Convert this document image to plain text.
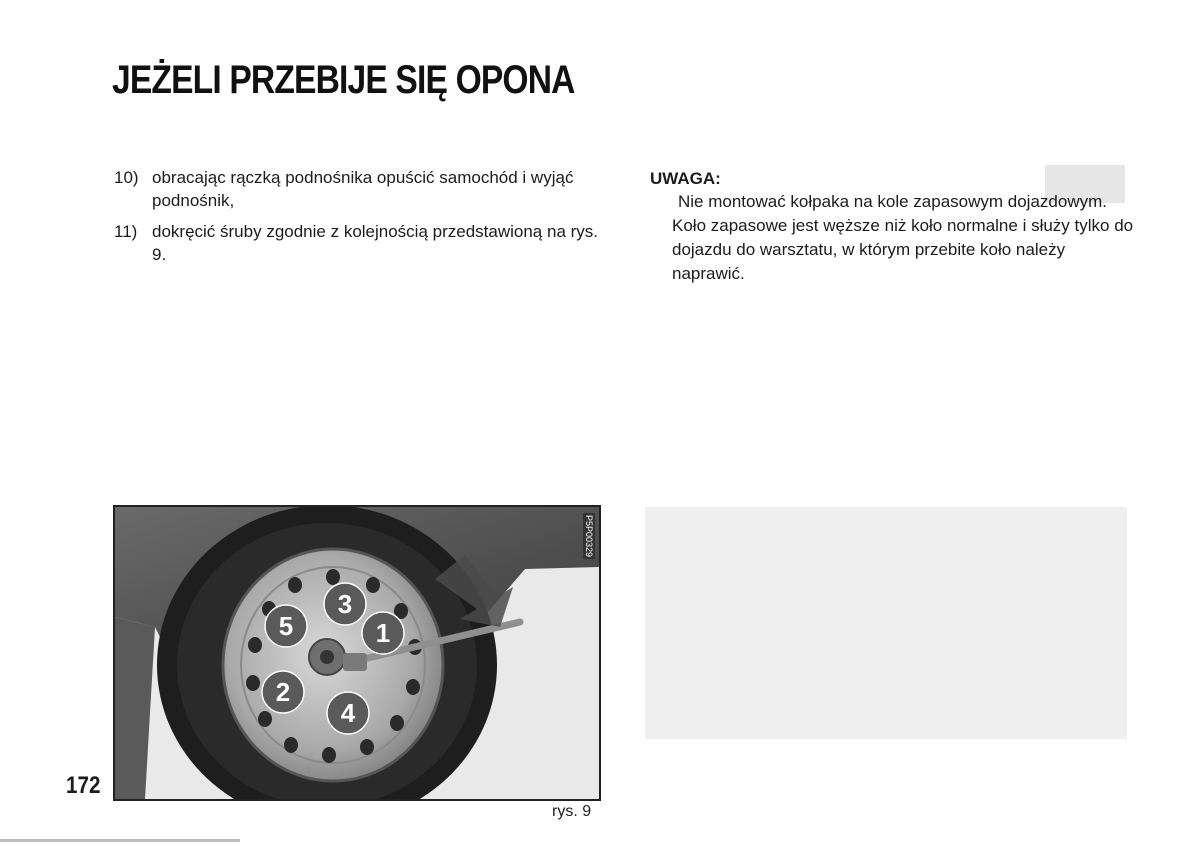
JEŻELI PRZEBIJE SIĘ OPONA
10) obracając rączką podnośnika opuścić samochód i wyjąć podnośnik,
11) dokręcić śruby zgodnie z kolejnością przedstawioną na rys. 9.

UWAGA:

Nie montować kołpaka na kole zapasowym dojazdowym. Koło zapasowe jest węższe niż koło normalne i służy tylko do dojazdu do warsztatu, w którym przebite koło należy naprawić.

3
5	1
2
4
P5P00329
rys. 9
172
